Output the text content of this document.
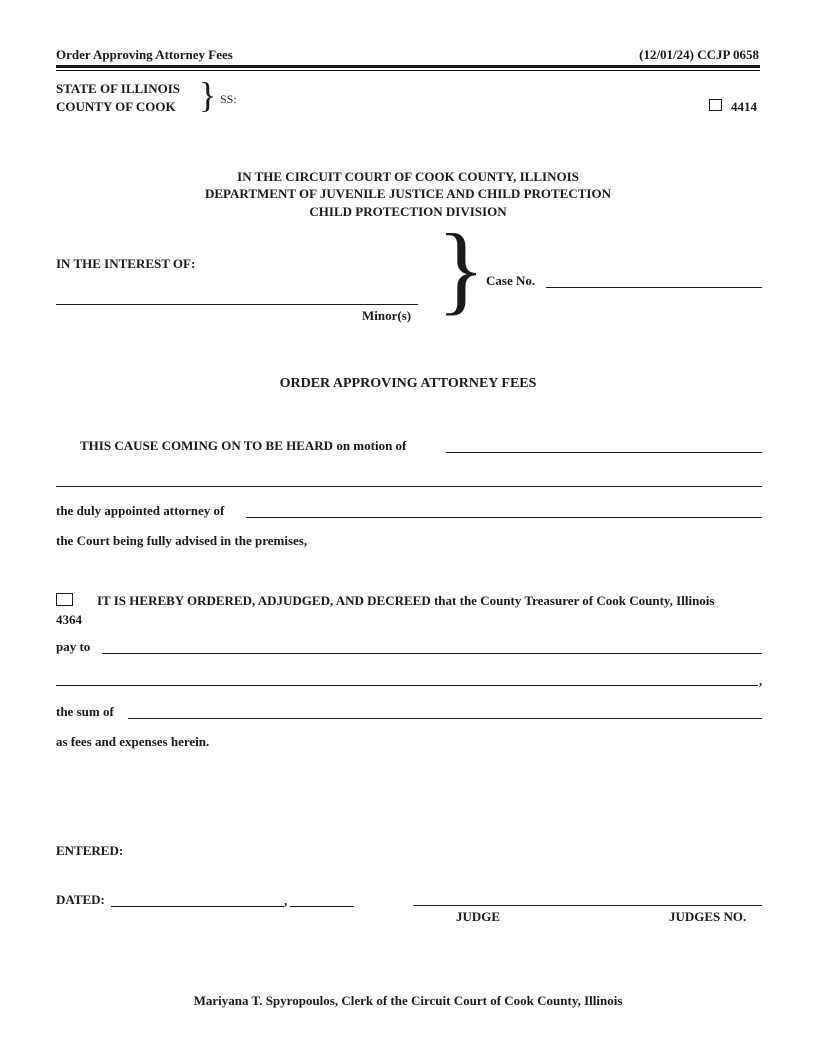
Order Approving Attorney Fees	(12/01/24) CCJP 0658
STATE OF ILLINOIS
COUNTY OF COOK } SS:	4414
IN THE CIRCUIT COURT OF COOK COUNTY, ILLINOIS
DEPARTMENT OF JUVENILE JUSTICE AND CHILD PROTECTION
CHILD PROTECTION DIVISION
IN THE INTEREST OF:
Minor(s) } Case No.
ORDER APPROVING ATTORNEY FEES
THIS CAUSE COMING ON TO BE HEARD on motion of
the duly appointed attorney of
the Court being fully advised in the premises,
IT IS HEREBY ORDERED, ADJUDGED, AND DECREED that the County Treasurer of Cook County, Illinois
4364
pay to
,
the sum of
as fees and expenses herein.
ENTERED:
DATED:	,
JUDGE	JUDGES NO.
Mariyana T. Spyropoulos, Clerk of the Circuit Court of Cook County, Illinois
